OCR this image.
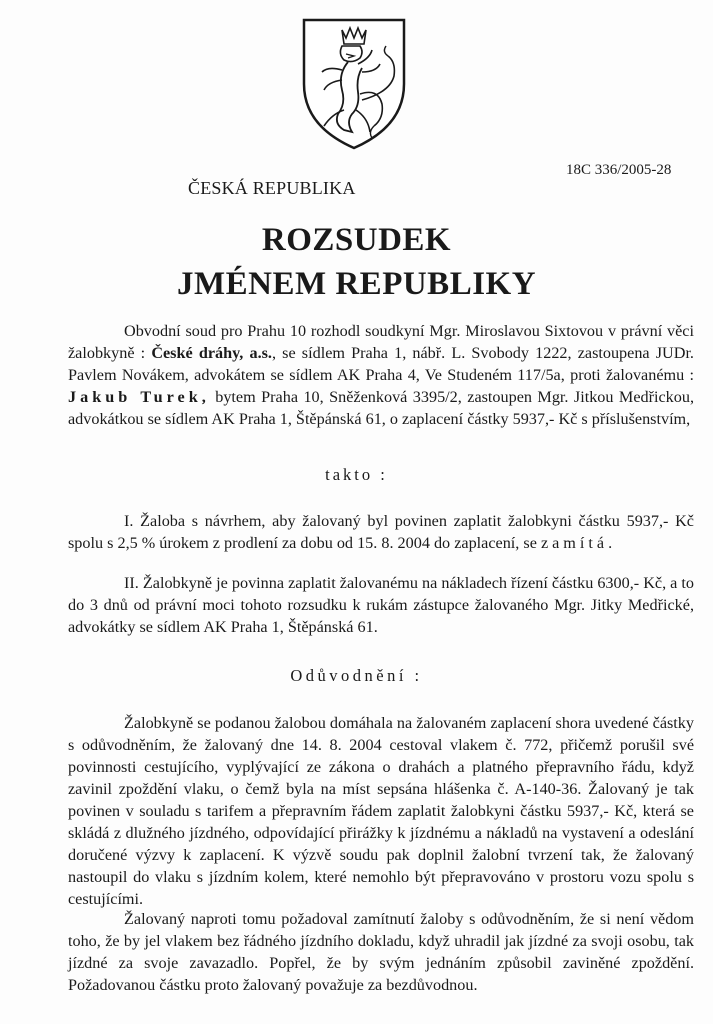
18C 336/2005-28
ČESKÁ REPUBLIKA
ROZSUDEK
JMÉNEM REPUBLIKY
Obvodní soud pro Prahu 10 rozhodl soudkyní Mgr. Miroslavou Sixtovou v právní věci žalobkyně : České dráhy, a.s., se sídlem Praha 1, nábř. L. Svobody 1222, zastoupena JUDr. Pavlem Novákem, advokátem se sídlem AK Praha 4, Ve Studeném 117/5a, proti žalovanému : Jakub Turek, bytem Praha 10, Sněženková 3395/2, zastoupen Mgr. Jitkou Medřickou, advokátkou se sídlem AK Praha 1, Štěpánská 61, o zaplacení částky 5937,- Kč s příslušenstvím,
takto :
I. Žaloba s návrhem, aby žalovaný byl povinen zaplatit žalobkyni částku 5937,- Kč spolu s 2,5 % úrokem z prodlení za dobu od 15. 8. 2004 do zaplacení, se zamítá.
II. Žalobkyně je povinna zaplatit žalovanému na nákladech řízení částku 6300,- Kč, a to do 3 dnů od právní moci tohoto rozsudku k rukám zástupce žalovaného Mgr. Jitky Medřické, advokátky se sídlem AK Praha 1, Štěpánská 61.
Odůvodnění :
Žalobkyně se podanou žalobou domáhala na žalovaném zaplacení shora uvedené částky s odůvodněním, že žalovaný dne 14. 8. 2004 cestoval vlakem č. 772, přičemž porušil své povinnosti cestujícího, vyplývající ze zákona o drahách a platného přepravního řádu, když zavinil zpoždění vlaku, o čemž byla na míst sepsána hlášenka č. A-140-36. Žalovaný je tak povinen v souladu s tarifem a přepravním řádem zaplatit žalobkyni částku 5937,- Kč, která se skládá z dlužného jízdného, odpovídající přirážky k jízdnému a nákladů na vystavení a odeslání doručené výzvy k zaplacení. K výzvě soudu pak doplnil žalobní tvrzení tak, že žalovaný nastoupil do vlaku s jízdním kolem, které nemohlo být přepravováno v prostoru vozu spolu s cestujícími.
Žalovaný naproti tomu požadoval zamítnutí žaloby s odůvodněním, že si není vědom toho, že by jel vlakem bez řádného jízdního dokladu, když uhradil jak jízdné za svoji osobu, tak jízdné za svoje zavazadlo. Popřel, že by svým jednáním způsobil zaviněné zpoždění. Požadovanou částku proto žalovaný považuje za bezdůvodnou.
